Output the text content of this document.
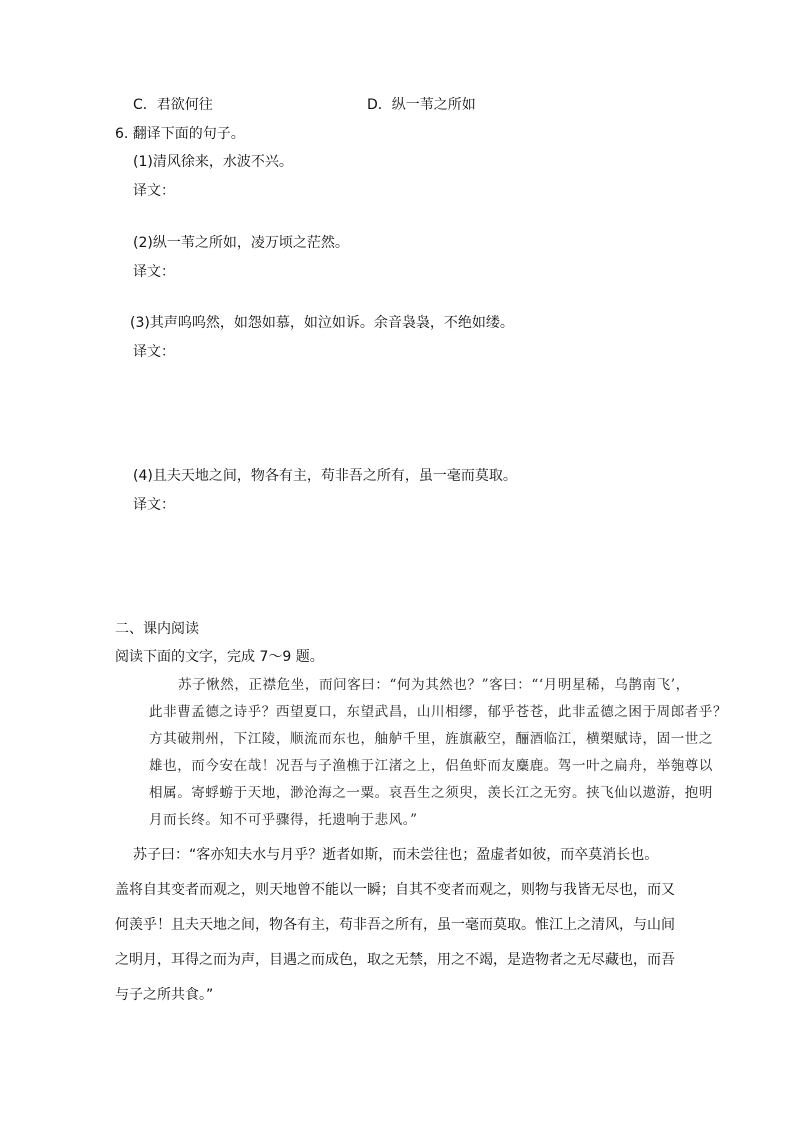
C．君欲何往	D．纵一苇之所如
6. 翻译下面的句子。
(1)清风徐来，水波不兴。
译文：
(2)纵一苇之所如，凌万顷之茫然。
译文：
(3)其声呜呜然，如怨如慕，如泣如诉。余音袅袅，不绝如缕。
译文：
(4)且夫天地之间，物各有主，苟非吾之所有，虽一毫而莫取。
译文：
二、课内阅读
阅读下面的文字，完成 7～9 题。
苏子愀然，正襟危坐，而问客曰：“何为其然也？”客曰：“‘月明星稀，乌鹊南飞’，
此非曹孟德之诗乎？西望夏口，东望武昌，山川相缪，郁乎苍苍，此非孟德之困于周郎者乎？
方其破荆州，下江陵，顺流而东也，舳舻千里，旌旗蔽空，酾酒临江，横槊赋诗，固一世之
雄也，而今安在哉！况吾与子渔樵于江渚之上，侣鱼虾而友麋鹿。驾一叶之扁舟，举匏尊以
相属。寄蜉蝣于天地，渺沧海之一粟。哀吾生之须臾，羡长江之无穷。挟飞仙以遨游，抱明
月而长终。知不可乎骤得，托遗响于悲风。”
苏子曰：“客亦知夫水与月乎？逝者如斯，而未尝往也；盈虚者如彼，而卒莫消长也。
盖将自其变者而观之，则天地曾不能以一瞬；自其不变者而观之，则物与我皆无尽也，而又
何羡乎！且夫天地之间，物各有主，苟非吾之所有，虽一毫而莫取。惟江上之清风，与山间
之明月，耳得之而为声，目遇之而成色，取之无禁，用之不竭，是造物者之无尽藏也，而吾
与子之所共食。”
